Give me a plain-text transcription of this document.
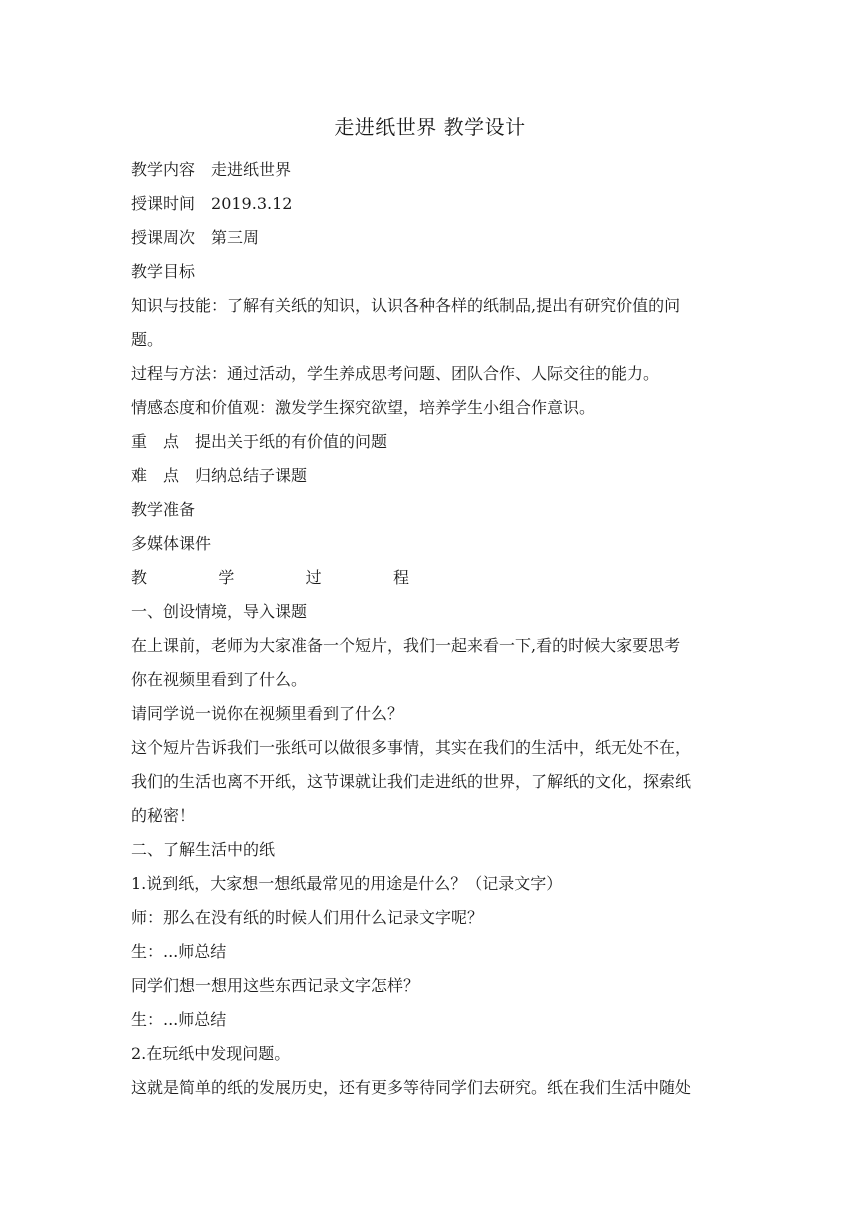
走进纸世界 教学设计
教学内容 走进纸世界
授课时间 2019.3.12
授课周次 第三周
教学目标
知识与技能：了解有关纸的知识，认识各种各样的纸制品,提出有研究价值的问
题。
过程与方法：通过活动，学生养成思考问题、团队合作、人际交往的能力。
情感态度和价值观：激发学生探究欲望，培养学生小组合作意识。
重　点 提出关于纸的有价值的问题
难　点 归纳总结子课题
教学准备
多媒体课件
教	学	过	程
一、创设情境，导入课题
在上课前，老师为大家准备一个短片，我们一起来看一下,看的时候大家要思考
你在视频里看到了什么。
请同学说一说你在视频里看到了什么？
这个短片告诉我们一张纸可以做很多事情，其实在我们的生活中，纸无处不在，
我们的生活也离不开纸，这节课就让我们走进纸的世界，了解纸的文化，探索纸
的秘密！
二、了解生活中的纸
1.说到纸，大家想一想纸最常见的用途是什么？（记录文字）
师：那么在没有纸的时候人们用什么记录文字呢？
生：...师总结
同学们想一想用这些东西记录文字怎样？
生：...师总结
2.在玩纸中发现问题。
这就是简单的纸的发展历史，还有更多等待同学们去研究。纸在我们生活中随处
